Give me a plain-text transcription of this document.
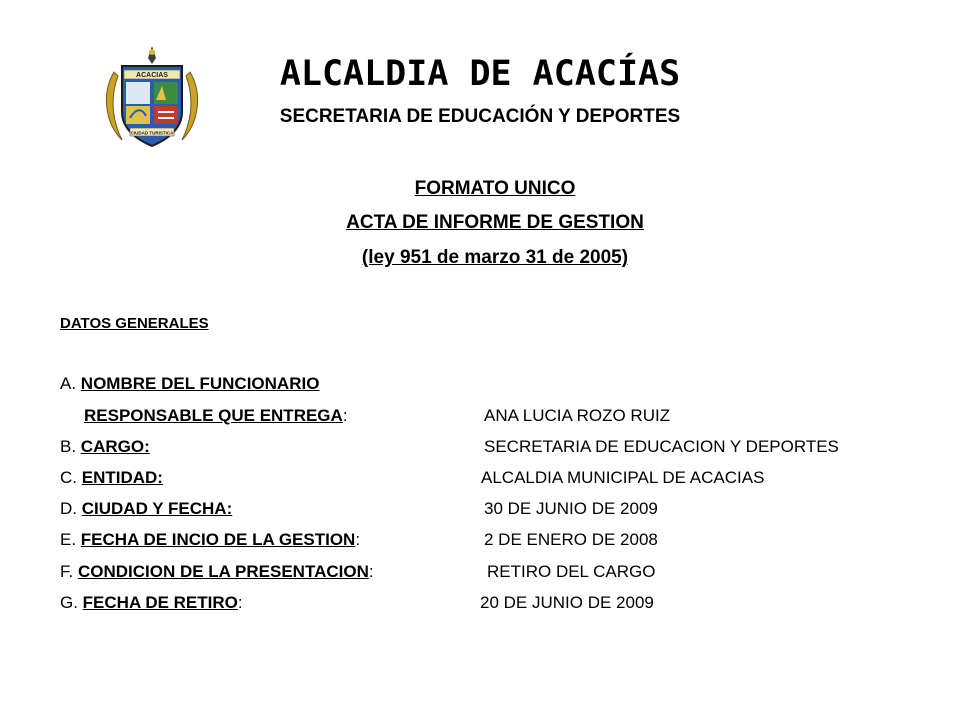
ACACIAS
CIUDAD TURISTICA
ALCALDIA DE ACACÍAS
SECRETARIA DE EDUCACIÓN Y DEPORTES
FORMATO UNICO
ACTA DE INFORME DE GESTION
(ley 951 de marzo 31 de 2005)
DATOS GENERALES
A. NOMBRE DEL FUNCIONARIO
RESPONSABLE QUE ENTREGA:	ANA LUCIA ROZO RUIZ
B. CARGO:	SECRETARIA DE EDUCACION Y DEPORTES
C. ENTIDAD:	ALCALDIA MUNICIPAL DE ACACIAS
D. CIUDAD Y FECHA:	30 DE JUNIO DE 2009
E. FECHA DE INCIO DE LA GESTION:	2 DE ENERO DE 2008
F. CONDICION DE LA PRESENTACION:	RETIRO DEL CARGO
G. FECHA DE RETIRO:	20 DE JUNIO DE 2009
